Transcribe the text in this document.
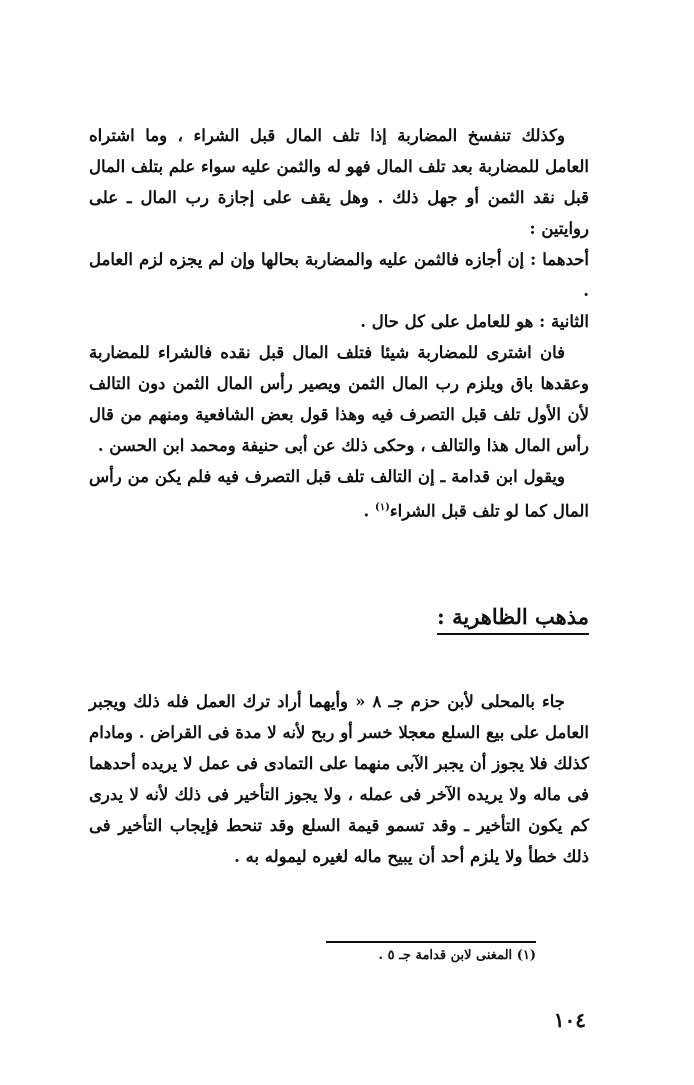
وكذلك تنفسخ المضاربة إذا تلف المال قبل الشراء ، وما اشتراه العامل للمضاربة بعد تلف المال فهو له والثمن عليه سواء علم بتلف المال قبل نقد الثمن أو جهل ذلك . وهل يقف على إجازة رب المال ـ على روايتين :

أحدهما : إن أجازه فالثمن عليه والمضاربة بحالها وإن لم يجزه لزم العامل .

الثانية : هو للعامل على كل حال .

فان اشترى للمضاربة شيئا فتلف المال قبل نقده فالشراء للمضاربة وعقدها باق ويلزم رب المال الثمن ويصير رأس المال الثمن دون التالف لأن الأول تلف قبل التصرف فيه وهذا قول بعض الشافعية ومنهم من قال رأس المال هذا والتالف ، وحكى ذلك عن أبى حنيفة ومحمد ابن الحسن .

ويقول ابن قدامة ـ إن التالف تلف قبل التصرف فيه فلم يكن من رأس المال كما لو تلف قبل الشراء$^{(١)}$ .

مذهب الظاهرية :

جاء بالمحلى لأبن حزم جـ ٨ « وأيهما أراد ترك العمل فله ذلك ويجبر العامل على بيع السلع معجلا خسر أو ربح لأنه لا مدة فى القراض . ومادام كذلك فلا يجوز أن يجبر الآبى منهما على التمادى فى عمل لا يريده أحدهما فى ماله ولا يريده الآخر فى عمله ، ولا يجوز التأخير فى ذلك لأنه لا يدرى كم يكون التأخير ـ وقد تسمو قيمة السلع وقد تنحط فإيجاب التأخير فى ذلك خطأ ولا يلزم أحد أن يبيح ماله لغيره ليموله به .

(١) المغنى لابن قدامة جـ ٥ .
١٠٤
